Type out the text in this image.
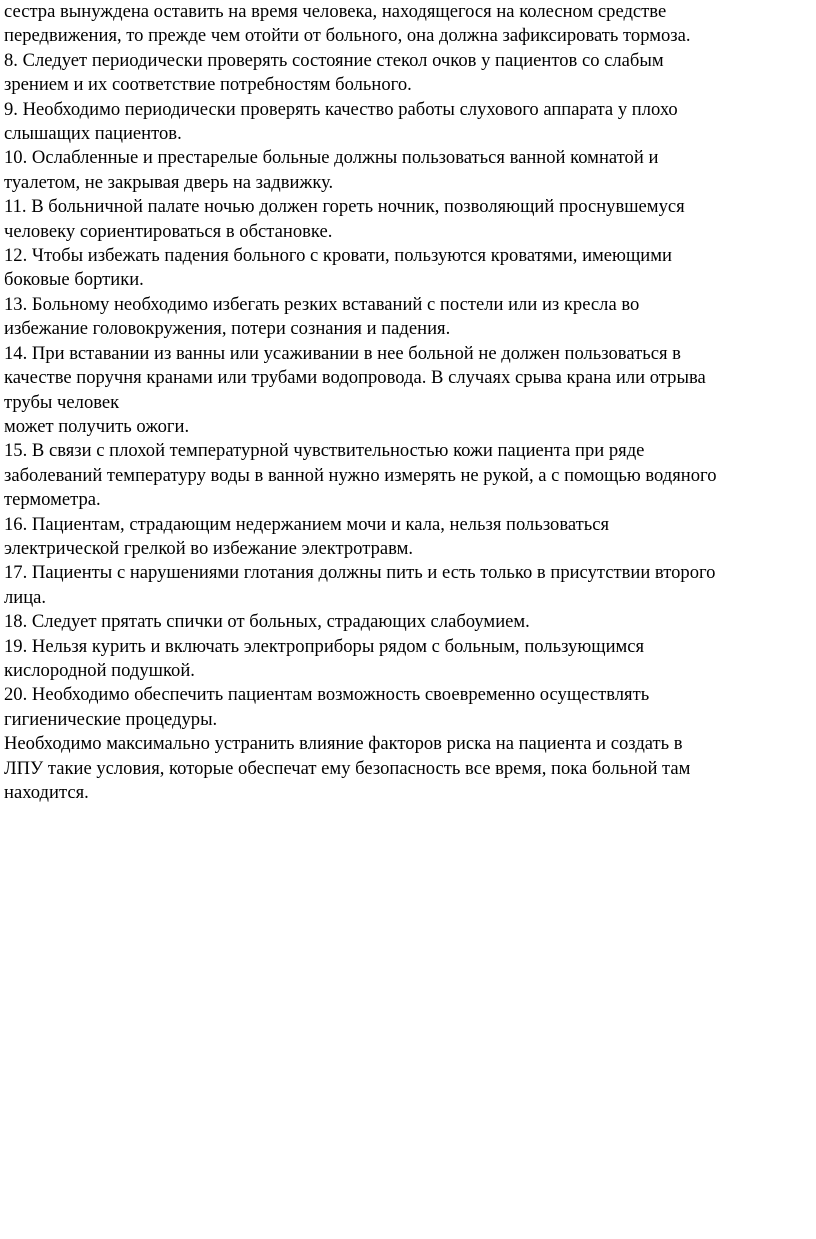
сестра вынуждена оставить на время человека, находящегося на колесном средстве
передвижения, то прежде чем отойти от больного, она должна зафиксировать тормоза.
8. Следует периодически проверять состояние стекол очков у пациентов со слабым
зрением и их соответствие потребностям больного.
9. Необходимо периодически проверять качество работы слухового аппарата у плохо
слышащих пациентов.
10. Ослабленные и престарелые больные должны пользоваться ванной комнатой и
туалетом, не закрывая дверь на задвижку.
11. В больничной палате ночью должен гореть ночник, позволяющий проснувшемуся
человеку сориентироваться в обстановке.
12. Чтобы избежать падения больного с кровати, пользуются кроватями, имеющими
боковые бортики.
13. Больному необходимо избегать резких вставаний с постели или из кресла во
избежание головокружения, потери сознания и падения.
14. При вставании из ванны или усаживании в нее больной не должен пользоваться в
качестве поручня кранами или трубами водопровода. В случаях срыва крана или отрыва
трубы человек
может получить ожоги.
15. В связи с плохой температурной чувствительностью кожи пациента при ряде
заболеваний температуру воды в ванной нужно измерять не рукой, а с помощью водяного
термометра.
16. Пациентам, страдающим недержанием мочи и кала, нельзя пользоваться
электрической грелкой во избежание электротравм.
17. Пациенты с нарушениями глотания должны пить и есть только в присутствии второго
лица.
18. Следует прятать спички от больных, страдающих слабоумием.
19. Нельзя курить и включать электроприборы рядом с больным, пользующимся
кислородной подушкой.
20. Необходимо обеспечить пациентам возможность своевременно осуществлять
гигиенические процедуры.
Необходимо максимально устранить влияние факторов риска на пациента и создать в
ЛПУ такие условия, которые обеспечат ему безопасность все время, пока больной там
находится.
